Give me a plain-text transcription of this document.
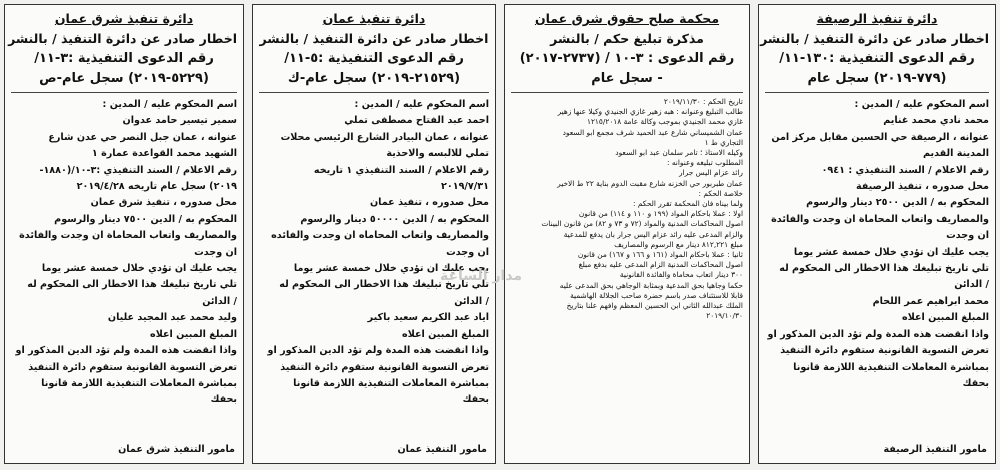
دائرة تنفيذ شرق عمان
اخطار صادر عن دائرة التنفيذ / بالنشر
رقم الدعوى التنفيذية :٣-١١/
(٥٢٢٩-٢٠١٩) سجل عام-ص
اسم المحكوم عليه / المدين :
سمير تيسير حامد عدوان
عنوانه ، عمان جبل النصر حي عدن شارع
الشهيد محمد القواعدة عمارة ١
رقم الاعلام / السند التنفيذي :٣-١٠/(١٨٨٠-
٢٠١٩) سجل عام تاريخه ٢٠١٩/٤/٢٨
محل صدوره ، تنفيذ شرق عمان
المحكوم به / الدين ٧٥٠٠ دينار والرسوم
والمصاريف واتعاب المحاماة ان وجدت والفائدة
ان وجدت
يجب عليك ان تؤدي خلال خمسة عشر يوما
تلي تاريخ تبليغك هذا الاخطار الى المحكوم له
/ الدائن
وليد محمد عبد المجيد عليان
المبلغ المبين اعلاه
واذا انقضت هذه المدة ولم تؤد الدين المذكور او
تعرض التسوية القانونية ستقوم دائرة التنفيذ
بمباشرة المعاملات التنفيذية اللازمة قانونا
بحقك
مامور التنفيذ شرق عمان
دائرة تنفيذ عمان
اخطار صادر عن دائرة التنفيذ / بالنشر
رقم الدعوى التنفيذية :٥-١١/
(٢١٥٢٩-٢٠١٩) سجل عام-ك
اسم المحكوم عليه / المدين :
احمد عبد الفتاح مصطفى تملي
عنوانه ، عمان البيادر الشارع الرئيسي محلات
تملي للالبسه والاحذية
رقم الاعلام / السند التنفيذي ١ تاريخه
٢٠١٩/٧/٣١
محل صدوره ، تنفيذ عمان
المحكوم به / الدين ٥٠٠٠٠ دينار والرسوم
والمصاريف واتعاب المحاماه ان وجدت والفائده
ان وجدت
يجب عليك ان تؤدي خلال خمسة عشر يوما
تلي تاريخ تبليغك هذا الاخطار الى المحكوم له
/ الدائن
اياد عبد الكريم سعيد باكير
المبلغ المبين اعلاه
واذا انقضت هذه المدة ولم تؤد الدين المذكور او
تعرض التسوية القانونية ستقوم دائرة التنفيذ
بمباشرة المعاملات التنفيذية اللازمة قانونا
بحقك
مامور التنفيذ عمان
محكمة صلح حقوق شرق عمان
مذكرة تبليغ حكم / بالنشر
رقم الدعوى : ٣-١٠ / (٢٧٣٧-٢٠١٧)
- سجل عام
تاريخ الحكم : ٢٠١٩/١١/٣٠
طالب التبليغ وعنوانه : هبه زهير غازي الجنيدي وكيلا عنها زهير
غازي محمد الجنيدي بموجب وكالة عامة ١٢١٥/٢٠١٨
عمان الشميساني شارع عبد الحميد شرف مجمع ابو السعود
التجاري ط ١
وكيله الاستاذ ؛ تامر سلمان عبد ابو السعود
المطلوب تبليغه وعنوانه :
رائد عزام اليس جرار
عمان طبربور حي الخزنه شارع مقبت الدوم بناية ٢٢ ط الاخير
خلاصة الحكم :
ولما بيناه فان المحكمة تقرر الحكم :
اولا : عملا باحكام المواد (١٩٩ و ١١٠ و ١١٤) من قانون
اصول المحاكمات المدنية والمواد (٧٢ و ٧٣ و ٨٢) من قانون البينات
والزام المدعى عليه رائد عزام اليس جرار بان يدفع للمدعية
مبلغ ٨١٢,٢٢١ دينار مع الرسوم والمصاريف
ثانيا : عملا باحكام المواد (١٦١ و ١٦٦ و ١٦٧) من قانون
اصول المحاكمات المدنية الزام المدعى عليه بدفع مبلغ
٣٠٠ دينار اتعاب محاماة والفائدة القانونية
حكما وجاهيا بحق المدعية وبمثابة الوجاهي بحق المدعى عليه
قابلا للاستئناف صدر باسم حضرة صاحب الجلالة الهاشمية
الملك عبدالله الثاني ابن الحسين المعظم وافهم علنا بتاريخ
٢٠١٩/١٠/٣٠
دائرة تنفيذ الرصيفة
اخطار صادر عن دائرة التنفيذ / بالنشر
رقم الدعوى التنفيذية :١٣٠-١١/
(٧٧٩-٢٠١٩) سجل عام
اسم المحكوم عليه / المدين :
محمد نادي محمد غنايم
عنوانه ، الرصيفة حي الحسين مقابل مركز امن
المدينة القديم
رقم الاعلام / السند التنفيذي : ٠٩٤١
محل صدوره ، تنفيذ الرصيفة
المحكوم به / الدين ٢٥٠٠ دينار والرسوم
والمصاريف واتعاب المحاماة ان وجدت والفائدة
ان وجدت
يجب عليك ان تؤدي خلال خمسة عشر يوما
تلي تاريخ تبليغك هذا الاخطار الى المحكوم له
/ الدائن
محمد ابراهيم عمر اللحام
المبلغ المبين اعلاه
واذا انقضت هذه المدة ولم تؤد الدين المذكور او
تعرض التسوية القانونية ستقوم دائرة التنفيذ
بمباشرة المعاملات التنفيذية اللازمة قانونا
بحقك
مامور التنفيذ الرصيفة
مدار الساعة
